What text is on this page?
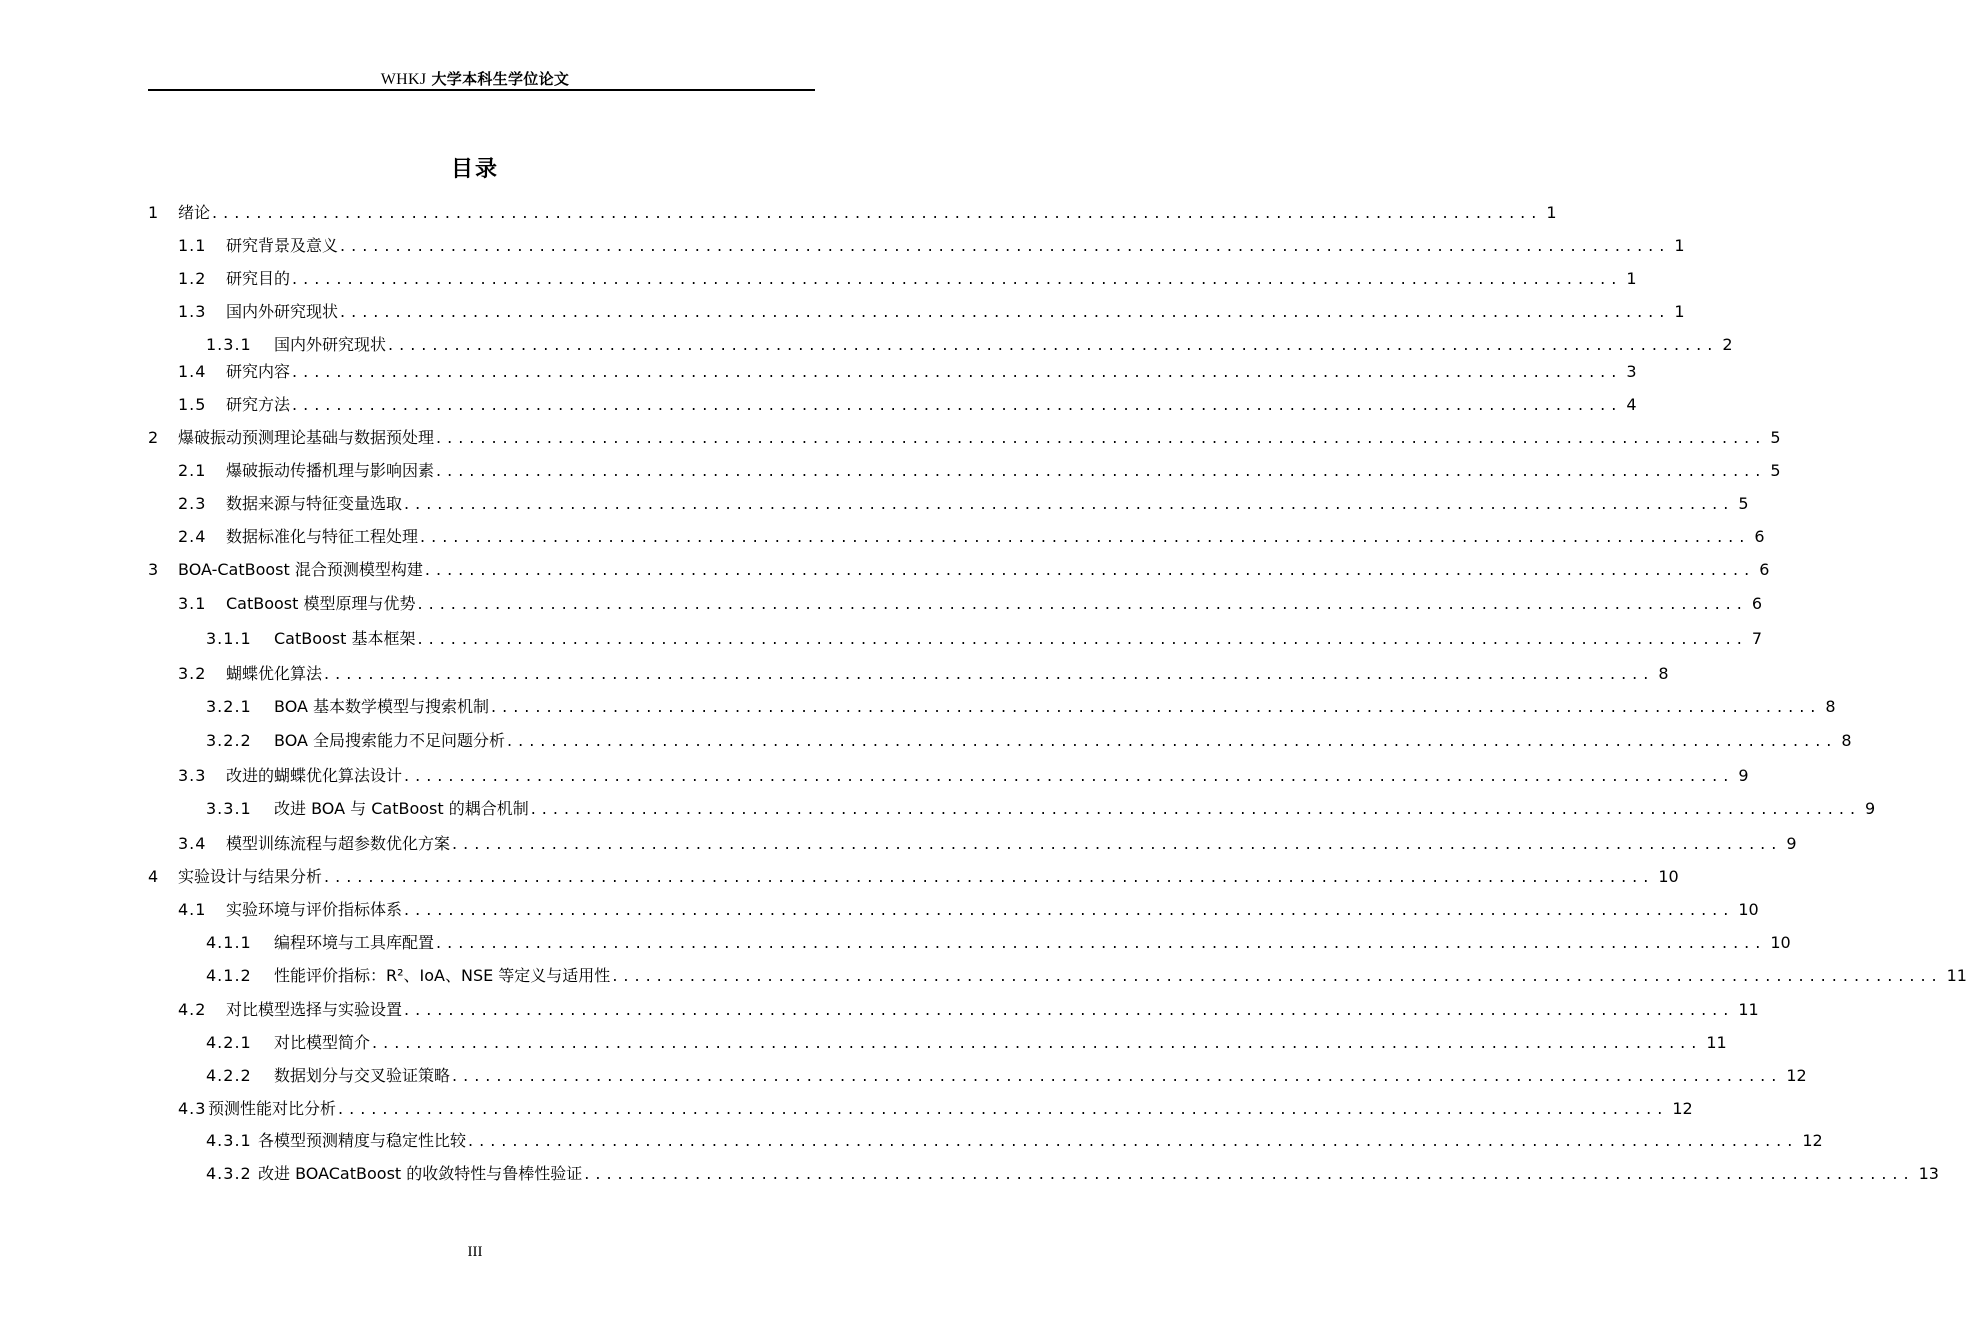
WHKJ 大学本科生学位论文
目录
1	绪论 ........................................................................................................................ 1
1.1	研究背景及意义 ........................................................................................................................ 1
1.2	研究目的 ........................................................................................................................ 1
1.3	国内外研究现状 ........................................................................................................................ 1
1.3.1	国内外研究现状 ........................................................................................................................ 2
1.4	研究内容 ........................................................................................................................ 3
1.5	研究方法 ........................................................................................................................ 4
2	爆破振动预测理论基础与数据预处理 ........................................................................................................................ 5
2.1	爆破振动传播机理与影响因素 ........................................................................................................................ 5
2.3	数据来源与特征变量选取 ........................................................................................................................ 5
2.4	数据标准化与特征工程处理 ........................................................................................................................ 6
3	BOA-CatBoost 混合预测模型构建 ........................................................................................................................ 6
3.1	CatBoost 模型原理与优势 ........................................................................................................................ 6
3.1.1	CatBoost 基本框架 ........................................................................................................................ 7
3.2	蝴蝶优化算法 ........................................................................................................................ 8
3.2.1	BOA 基本数学模型与搜索机制 ........................................................................................................................ 8
3.2.2	BOA 全局搜索能力不足问题分析 ........................................................................................................................ 8
3.3	改进的蝴蝶优化算法设计 ........................................................................................................................ 9
3.3.1	改进 BOA 与 CatBoost 的耦合机制 ........................................................................................................................ 9
3.4	模型训练流程与超参数优化方案 ........................................................................................................................ 9
4	实验设计与结果分析 ........................................................................................................................ 10
4.1	实验环境与评价指标体系 ........................................................................................................................ 10
4.1.1	编程环境与工具库配置 ........................................................................................................................ 10
4.1.2	性能评价指标：R²、IoA、NSE 等定义与适用性 ........................................................................................................................ 11
4.2	对比模型选择与实验设置 ........................................................................................................................ 11
4.2.1	对比模型简介 ........................................................................................................................ 11
4.2.2	数据划分与交叉验证策略 ........................................................................................................................ 12
4.3 预测性能对比分析 ........................................................................................................................ 12
4.3.1 各模型预测精度与稳定性比较 ........................................................................................................................ 12
4.3.2 改进 BOACatBoost 的收敛特性与鲁棒性验证 ........................................................................................................................ 13
III
